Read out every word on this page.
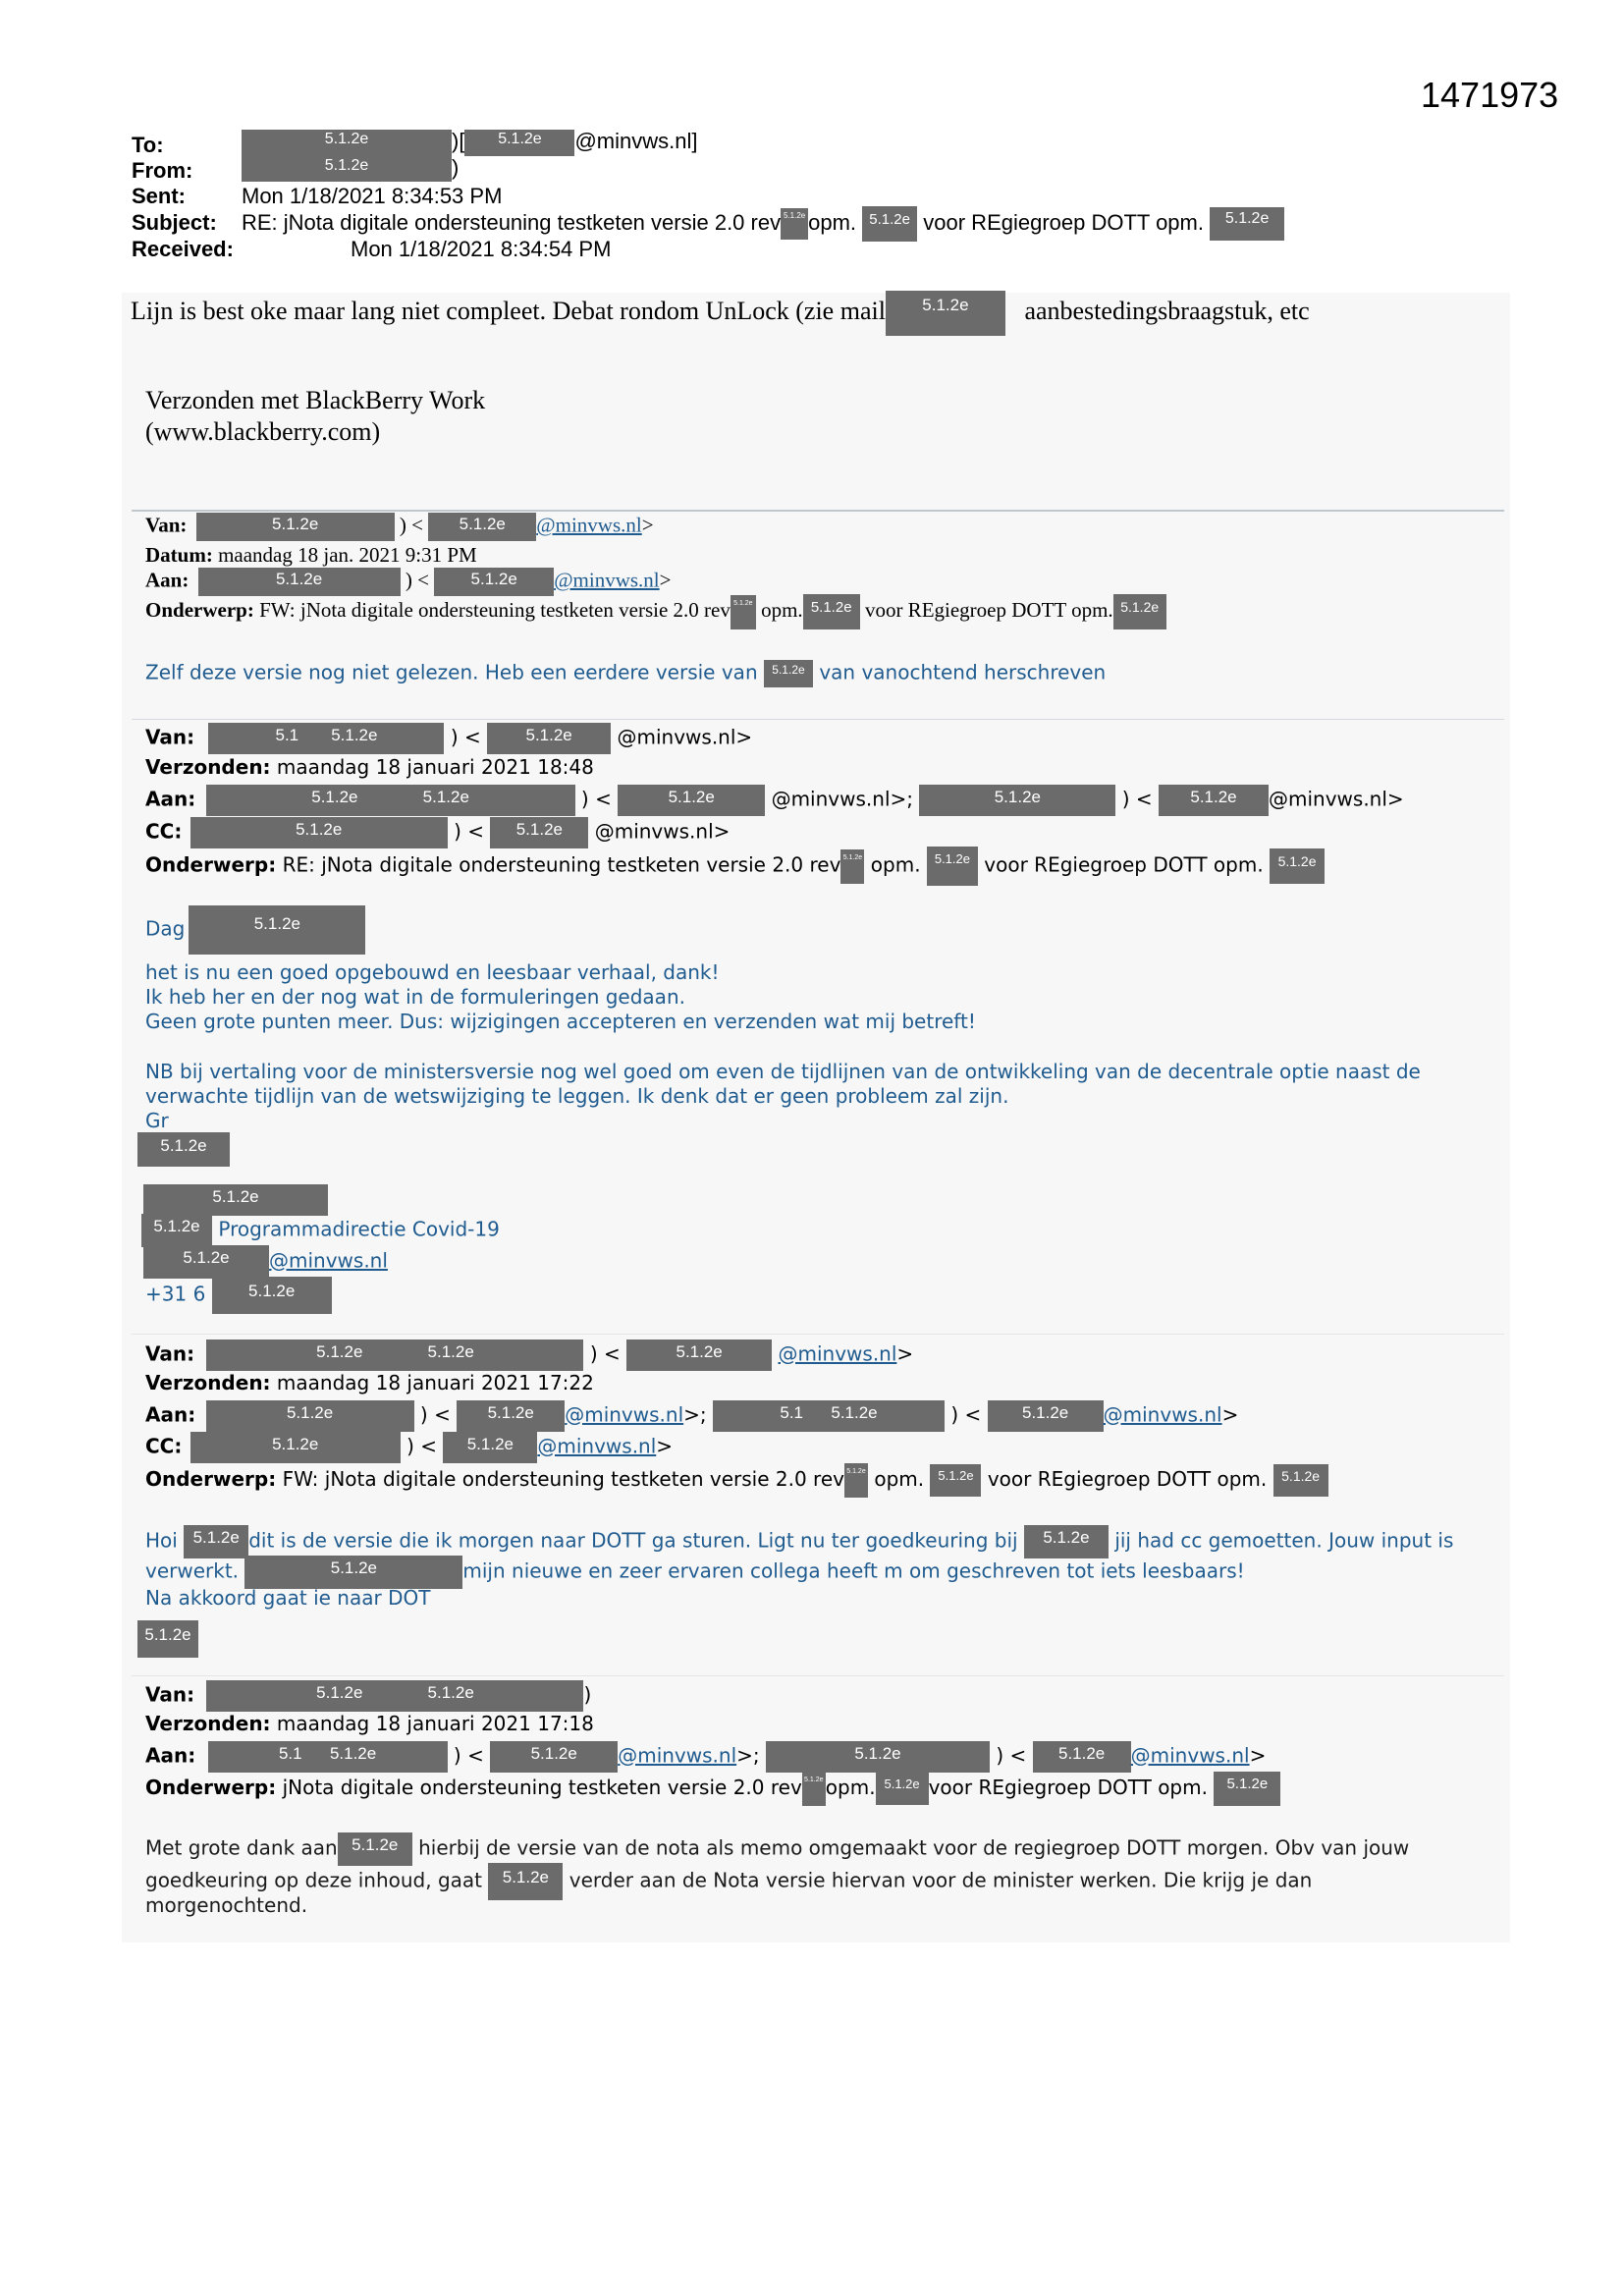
1471973
To:	5.1.2e	)[ 5.1.2e @minvws.nl]
From:	5.1.2e	)
Sent:	Mon 1/18/2021 8:34:53 PM
Subject: RE: jNota digitale ondersteuning testketen versie 2.0 rev 5.1.2e opm. 5.1.2e voor REgiegroep DOTT opm. 5.1.2e
Received:	Mon 1/18/2021 8:34:54 PM
Lijn is best oke maar lang niet compleet. Debat rondom UnLock (zie mail 5.1.2e aanbestedingsbraagstuk, etc
Verzonden met BlackBerry Work
(www.blackberry.com)
Van:	5.1.2e	) < 5.1.2e @minvws.nl>
Datum: maandag 18 jan. 2021 9:31 PM
Aan:	5.1.2e	) < 5.1.2e @minvws.nl>
Onderwerp: FW: jNota digitale ondersteuning testketen versie 2.0 rev 5.1.2e opm. 5.1.2e voor REgiegroep DOTT opm. 5.1.2e
Zelf deze versie nog niet gelezen. Heb een eerdere versie van 5.1.2e van vanochtend herschreven
Van:	5.1 5.1.2e	) < 5.1.2e @minvws.nl>
Verzonden: maandag 18 januari 2021 18:48
Aan:	5.1.2e	5.1.2e	) <	5.1.2e	@minvws.nl>;	5.1.2e	) < 5.1.2e @minvws.nl>
CC:	5.1.2e	) < 5.1.2e @minvws.nl>
Onderwerp: RE: jNota digitale ondersteuning testketen versie 2.0 rev 5.1.2e opm. 5.1.2e voor REgiegroep DOTT opm. 5.1.2e
Dag	5.1.2e
het is nu een goed opgebouwd en leesbaar verhaal, dank!
Ik heb her en der nog wat in de formuleringen gedaan.
Geen grote punten meer. Dus: wijzigingen accepteren en verzenden wat mij betreft!
NB bij vertaling voor de ministersversie nog wel goed om even de tijdlijnen van de ontwikkeling van de decentrale optie naast de
verwachte tijdlijn van de wetswijziging te leggen. Ik denk dat er geen probleem zal zijn.
Gr
5.1.2e
5.1.2e
5.1.2e Programmadirectie Covid-19
5.1.2e @minvws.nl
+31 6	5.1.2e
Van:	5.1.2e	5.1.2e	) <	5.1.2e	@minvws.nl>
Verzonden: maandag 18 januari 2021 17:22
Aan:	5.1.2e	) < 5.1.2e @minvws.nl>;	5.1 5.1.2e	) < 5.1.2e @minvws.nl>
CC:	5.1.2e	) < 5.1.2e @minvws.nl>
Onderwerp: FW: jNota digitale ondersteuning testketen versie 2.0 rev 5.1.2e opm. 5.1.2e voor REgiegroep DOTT opm. 5.1.2e
Hoi 5.1.2e dit is de versie die ik morgen naar DOTT ga sturen. Ligt nu ter goedkeuring bij 5.1.2e jij had cc gemoetten. Jouw input is
verwerkt.	5.1.2e	mijn nieuwe en zeer ervaren collega heeft m om geschreven tot iets leesbaars!
Na akkoord gaat ie naar DOT
5.1.2e
Van:	5.1.2e	5.1.2e	)
Verzonden: maandag 18 januari 2021 17:18
Aan:	5.1 5.1.2e	) < 5.1.2e @minvws.nl>;	5.1.2e	) < 5.1.2e @minvws.nl>
Onderwerp: jNota digitale ondersteuning testketen versie 2.0 rev 5.1.2e opm. 5.1.2e voor REgiegroep DOTT opm. 5.1.2e
Met grote dank aan 5.1.2e hierbij de versie van de nota als memo omgemaakt voor de regiegroep DOTT morgen. Obv van jouw
goedkeuring op deze inhoud, gaat 5.1.2e verder aan de Nota versie hiervan voor de minister werken. Die krijg je dan
morgenochtend.
